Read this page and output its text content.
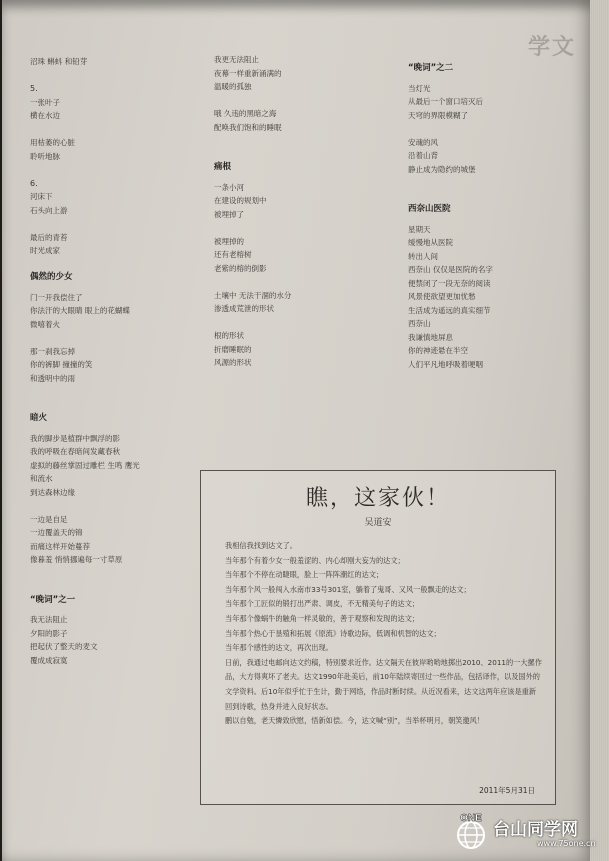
学文
沼珠 蝌蚪 和铅芽
5.
一张叶子
横在水边
用枯萎的心脏
聆听地脉
6.
河床下
石头向上游
最后的青苔
时光成家
偶然的少女
门一开我偿住了
你法汗的大眼睛 眼上的花蝴蝶
微嘻着火
那一刹我忘掉
你的裤脚 撞撞的笑
和透明中的雨
暗火
我的脚步是植群中飘浮的影
我的呼吸在春暗间发藏春秋
虚拟的藤丝掌固过雕栏 生鸣 鹰光
和流水
到达森林边缘
一边是自足
一边覆盖天的锦
而痛这样开始蔓荐
像暮羞 悄悄挪遍每一寸草原
“晚词”之一
我无法阻止
夕阳的影子
把起伏了整天的麦文
覆成成寂寞
我更无法阻止
夜幕一样重新涌满的
温暖的孤独
哦 久违的黑暗之海
配唤我们饱和的睡眠
痛根
一条小河
在建设的规划中
被埋掉了
被埋掉的
还有老榕树
老紫的榕的倒影
土壤中 无法干涸的水分
渗透成荒泄的形状
根的形状
折磨睡眠的
风源的形状
“晚词”之二
当灯光
从最后一个窗口培灭后
天穹的界限模糊了
安魂的风
沿着山背
静止成为隐约的城堡
西奈山医院
星期天
缓慢地从医院
转出人间
西奈山 仅仅是医院的名字
便禁闭了一段无奈的阅读
风景使欲望更加忧愁
生活成为遥远的真实细节
西奈山
我谦慎地屏息
你的神迹悬在半空
人们平凡地呼吸着哽咽
瞧，这家伙！
吴道安
我相信我找到达文了。
当年那个有着少女一般羞涩的、内心却刚大妄为的达文；
当年那个不停在动睫眼，脸上一阵阵潮红的达文；
当年那个风一般闯入水南市33号301室，躺着了鬼哥、又风一般飘走的达文；
当年那个工匠似的锻打出严肃、调皮，不无精美句子的达文；
当年那个像蜗牛的触角一样灵敏的，善于观察和发现的达文；
当年那个热心于垦殖和拓展《原流》诗歌边际，低调和机智的达文；
当年那个感性的达文，再次出现。
日前，我通过电邮向达文约稿，特别要求近作。达文隔天在彼岸哟哟地掷出2010、2011的一大摞作品，大方得爽坏了老夫。达文1990年赴美后，前10年陆续寄回过一些作品，包括译作，以及国外的文学资料。后10年似乎忙于生计，勤于网络，作品时断时续。从近况看来，达文这两年应该是重新回到诗歌，热身并进入良好状态。
鹏以自勉，老天憐致欣慰，悟新如偿。今，达文喊“别”，当举杯明月，朝笑邀风！
2011年5月31日
ONE
台山同学网
www.75one.cn
